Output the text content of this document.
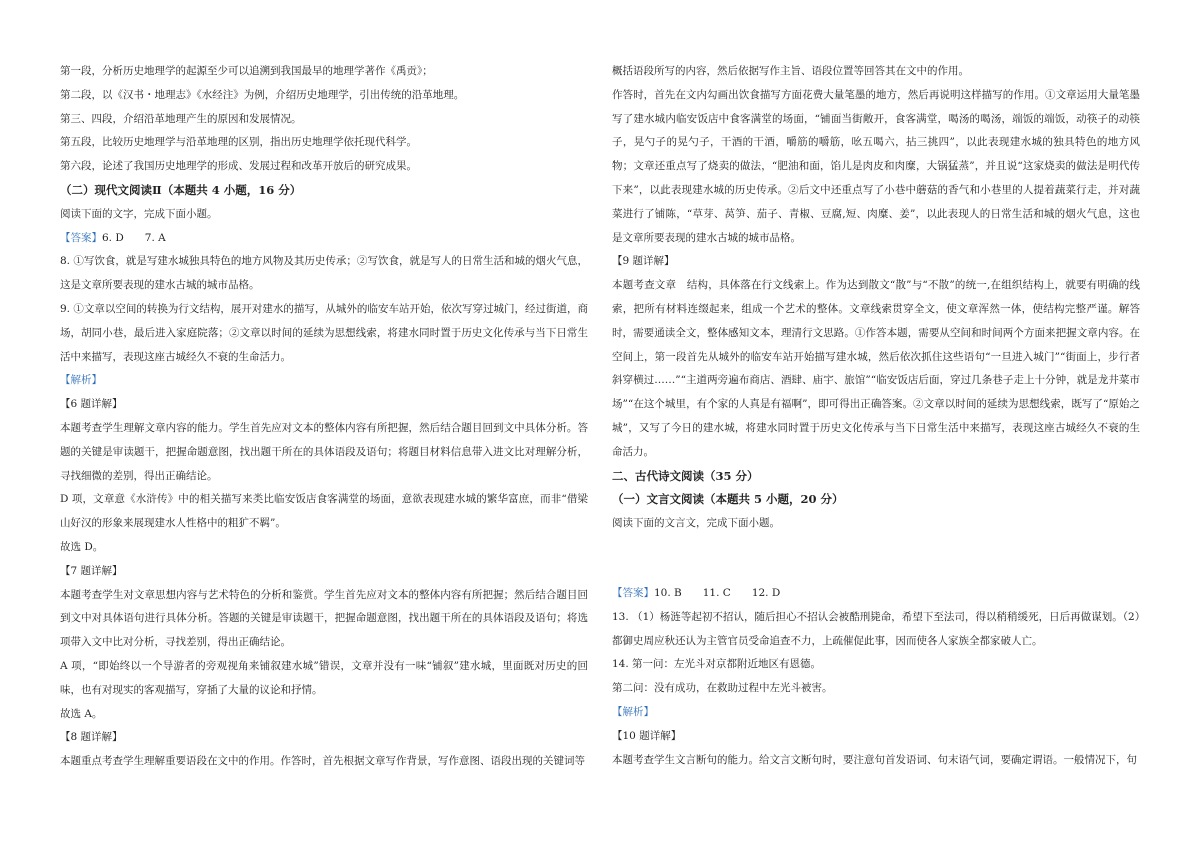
第一段，分析历史地理学的起源至少可以追溯到我国最早的地理学著作《禹贡》；

第二段，以《汉书・地理志》《水经注》为例，介绍历史地理学，引出传统的沿革地理。

第三、四段，介绍沿革地理产生的原因和发展情况。

第五段，比较历史地理学与沿革地理的区别，指出历史地理学依托现代科学。

第六段，论述了我国历史地理学的形成、发展过程和改革开放后的研究成果。

（二）现代文阅读Ⅱ（本题共 4 小题，16 分）

阅读下面的文字，完成下面小题。

【答案】6. D　　7. A

8. ①写饮食，就是写建水城独具特色的地方风物及其历史传承；②写饮食，就是写人的日常生活和城的烟火气息，这是文章所要表现的建水古城的城市品格。

9. ①文章以空间的转换为行文结构，展开对建水的描写，从城外的临安车站开始，依次写穿过城门，经过街道，商场，胡同小巷，最后进入家庭院落；②文章以时间的延续为思想线索，将建水同时置于历史文化传承与当下日常生活中来描写，表现这座古城经久不衰的生命活力。

【解析】

【6 题详解】

本题考查学生理解文章内容的能力。学生首先应对文本的整体内容有所把握，然后结合题目回到文中具体分析。答题的关键是审读题干，把握命题意图，找出题干所在的具体语段及语句；将题目材料信息带入进文比对理解分析，寻找细微的差别，得出正确结论。

D 项，文章意《水浒传》中的相关描写来类比临安饭店食客满堂的场面，意欲表现建水城的繁华富庶，而非“借梁山好汉的形象来展现建水人性格中的粗犷不羁”。

故选 D。

【7 题详解】

本题考查学生对文章思想内容与艺术特色的分析和鉴赏。学生首先应对文本的整体内容有所把握；然后结合题目回到文中对具体语句进行具体分析。答题的关键是审读题干，把握命题意图，找出题干所在的具体语段及语句；将选项带入文中比对分析，寻找差别，得出正确结论。

A 项，“即始终以一个导游者的旁观视角来铺叙建水城”错误，文章并没有一味“铺叙”建水城，里面既对历史的回味，也有对现实的客观描写，穿插了大量的议论和抒情。

故选 A。

【8 题详解】

本题重点考查学生理解重要语段在文中的作用。作答时，首先根据文章写作背景，写作意图、语段出现的关键词等

概括语段所写的内容，然后依据写作主旨、语段位置等回答其在文中的作用。

作答时，首先在文内勾画出饮食描写方面花费大量笔墨的地方，然后再说明这样描写的作用。①文章运用大量笔墨写了建水城内临安饭店中食客满堂的场面，“铺面当街敞开，食客满堂，喝汤的喝汤，端饭的端饭，动筷子的动筷子，晃勺子的晃勺子，干酒的干酒，嚼筋的嚼筋，吆五喝六，拈三挑四”，以此表现建水城的独具特色的地方风物；文章还重点写了烧卖的做法，“肥油和面，馅儿是肉皮和肉糜，大锅猛蒸”，并且说“这家烧卖的做法是明代传下来”，以此表现建水城的历史传承。②后文中还重点写了小巷中蘑菇的香气和小巷里的人提着蔬菜行走，并对蔬菜进行了铺陈，“草芽、莴笋、茄子、青椒、豆腐,短、肉糜、姜”，以此表现人的日常生活和城的烟火气息，这也是文章所要表现的建水古城的城市品格。

【9 题详解】

本题考查文章　结构，具体落在行文线索上。作为达到散文“散”与“不散”的统一,在组织结构上，就要有明确的线索，把所有材料连缀起来，组成一个艺术的整体。文章线索贯穿全文，使文章浑然一体，使结构完整严谨。解答时，需要通读全文，整体感知文本，理清行文思路。①作答本题，需要从空间和时间两个方面来把握文章内容。在空间上，第一段首先从城外的临安车站开始描写建水城，然后依次抓住这些语句“一旦进入城门”“街面上，步行者斜穿横过……”“主道两旁遍布商店、酒肆、庙宇、旅馆”“临安饭店后面，穿过几条巷子走上十分钟，就是龙井菜市场”“在这个城里，有个家的人真是有福啊”，即可得出正确答案。②文章以时间的延续为思想线索，既写了“原始之城”，又写了今日的建水城，将建水同时置于历史文化传承与当下日常生活中来描写，表现这座古城经久不衰的生命活力。

二、古代诗文阅读（35 分）

（一）文言文阅读（本题共 5 小题，20 分）

阅读下面的文言文，完成下面小题。

【答案】10. B　　11. C　　12. D

13. （1）杨涟等起初不招认，随后担心不招认会被酷刑毙命，希望下至法司，得以稍稍缓死，日后再做谋划。（2）都御史周应秋还认为主管官员受命追查不力，上疏催促此事，因而使各人家族全都家破人亡。

14. 第一问：左光斗对京都附近地区有恩德。

第二问：没有成功，在救助过程中左光斗被害。

【解析】

【10 题详解】

本题考查学生文言断句的能力。给文言文断句时，要注意句首发语词、句末语气词，要确定谓语。一般情况下，句
